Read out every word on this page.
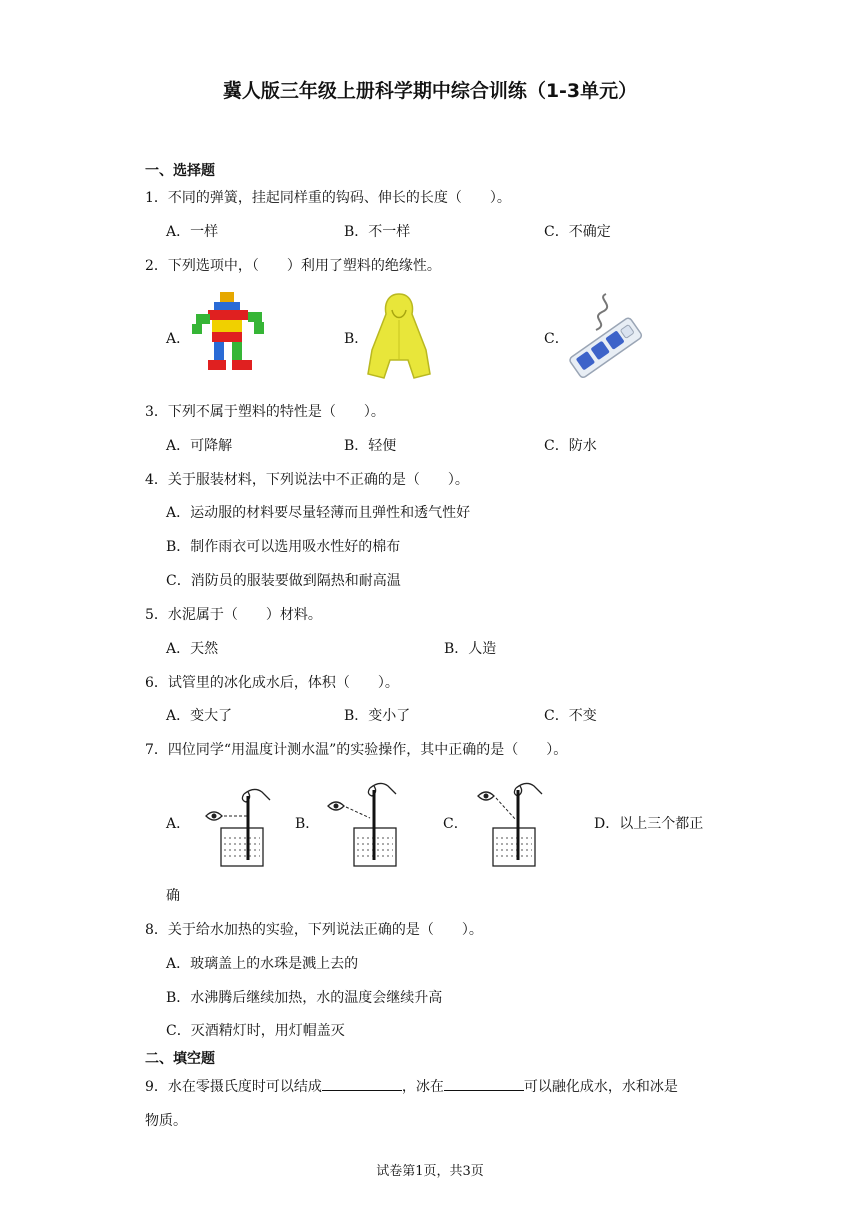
冀人版三年级上册科学期中综合训练（1-3单元）
一、选择题
1．不同的弹簧，挂起同样重的钩码、伸长的长度（　　）。
A．一样	B．不一样	C．不确定
2．下列选项中，（　　）利用了塑料的绝缘性。
A．	B．	C．
3．下列不属于塑料的特性是（　　）。
A．可降解	B．轻便	C．防水
4．关于服装材料，下列说法中不正确的是（　　）。
A．运动服的材料要尽量轻薄而且弹性和透气性好
B．制作雨衣可以选用吸水性好的棉布
C．消防员的服装要做到隔热和耐高温
5．水泥属于（　　）材料。
A．天然	B．人造
6．试管里的冰化成水后，体积（　　）。
A．变大了	B．变小了	C．不变
7．四位同学“用温度计测水温”的实验操作，其中正确的是（　　）。
A．	B．	C．	D．以上三个都正
确
8．关于给水加热的实验，下列说法正确的是（　　）。
A．玻璃盖上的水珠是溅上去的
B．水沸腾后继续加热，水的温度会继续升高
C．灭酒精灯时，用灯帽盖灭
二、填空题
9．水在零摄氏度时可以结成	，冰在	可以融化成水，水和冰是
物质。
试卷第1页，共3页
